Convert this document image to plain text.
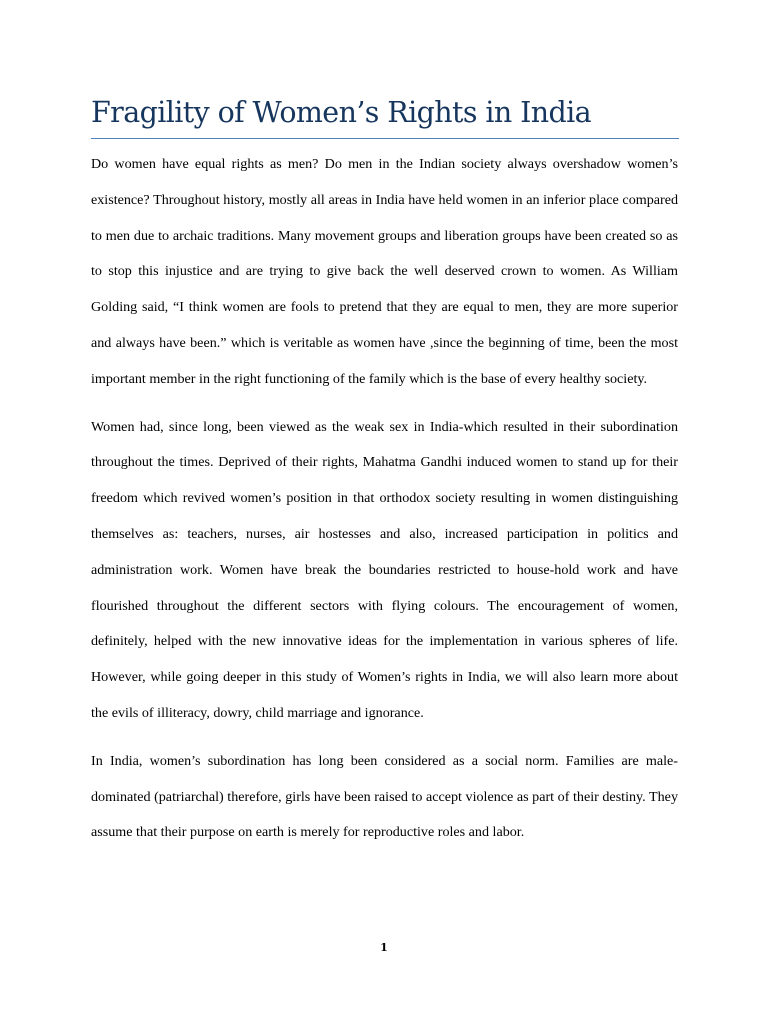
Fragility of Women’s Rights in India

Do women have equal rights as men? Do men in the Indian society always overshadow women’s existence? Throughout history, mostly all areas in India have held women in an inferior place compared to men due to archaic traditions. Many movement groups and liberation groups have been created so as to stop this injustice and are trying to give back the well deserved crown to women. As William Golding said, “I think women are fools to pretend that they are equal to men, they are more superior and always have been.” which is veritable as women have ,since the beginning of time, been the most important member in the right functioning of the family which is the base of every healthy society.

Women had, since long, been viewed as the weak sex in India-which resulted in their subordination throughout the times. Deprived of their rights, Mahatma Gandhi induced women to stand up for their freedom which revived women’s position in that orthodox society resulting in women distinguishing themselves as: teachers, nurses, air hostesses and also, increased participation in politics and administration work. Women have break the boundaries restricted to house-hold work and have flourished throughout the different sectors with flying colours. The encouragement of women, definitely, helped with the new innovative ideas for the implementation in various spheres of life. However, while going deeper in this study of Women’s rights in India, we will also learn more about the evils of illiteracy, dowry, child marriage and ignorance.

In India, women’s subordination has long been considered as a social norm. Families are male-dominated (patriarchal) therefore, girls have been raised to accept violence as part of their destiny. They assume that their purpose on earth is merely for reproductive roles and labor.

1
